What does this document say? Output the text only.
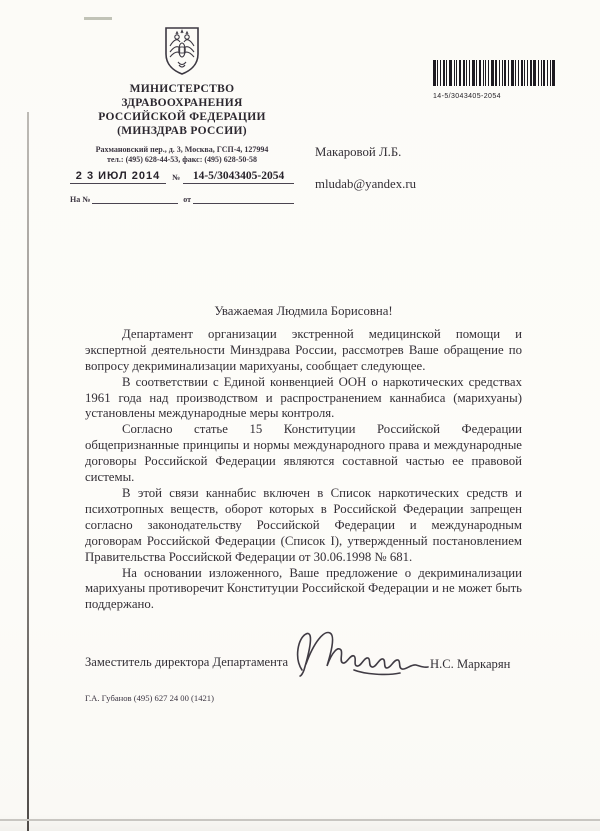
МИНИСТЕРСТВО
ЗДРАВООХРАНЕНИЯ
РОССИЙСКОЙ ФЕДЕРАЦИИ
(МИНЗДРАВ РОССИИ)
Рахмановский пер., д. 3, Москва, ГСП-4, 127994
тел.: (495) 628-44-53, факс: (495) 628-50-58
2 3 ИЮЛ 2014	№	14-5/3043405-2054
На №	от
14-5/3043405-2054
Макаровой Л.Б.
mludab@yandex.ru
Уважаемая Людмила Борисовна!

Департамент организации экстренной медицинской помощи и экспертной деятельности Минздрава России, рассмотрев Ваше обращение по вопросу декриминализации марихуаны, сообщает следующее.

В соответствии с Единой конвенцией ООН о наркотических средствах 1961 года над производством и распространением каннабиса (марихуаны) установлены международные меры контроля.

Согласно статье 15 Конституции Российской Федерации общепризнанные принципы и нормы международного права и международные договоры Российской Федерации являются составной частью ее правовой системы.

В этой связи каннабис включен в Список наркотических средств и психотропных веществ, оборот которых в Российской Федерации запрещен согласно законодательству Российской Федерации и международным договорам Российской Федерации (Список I), утвержденный постановлением Правительства Российской Федерации от 30.06.1998 № 681.

На основании изложенного, Ваше предложение о декриминализации марихуаны противоречит Конституции Российской Федерации и не может быть поддержано.

Заместитель директора Департамента	Н.С. Маркарян
Г.А. Губанов (495) 627 24 00 (1421)
